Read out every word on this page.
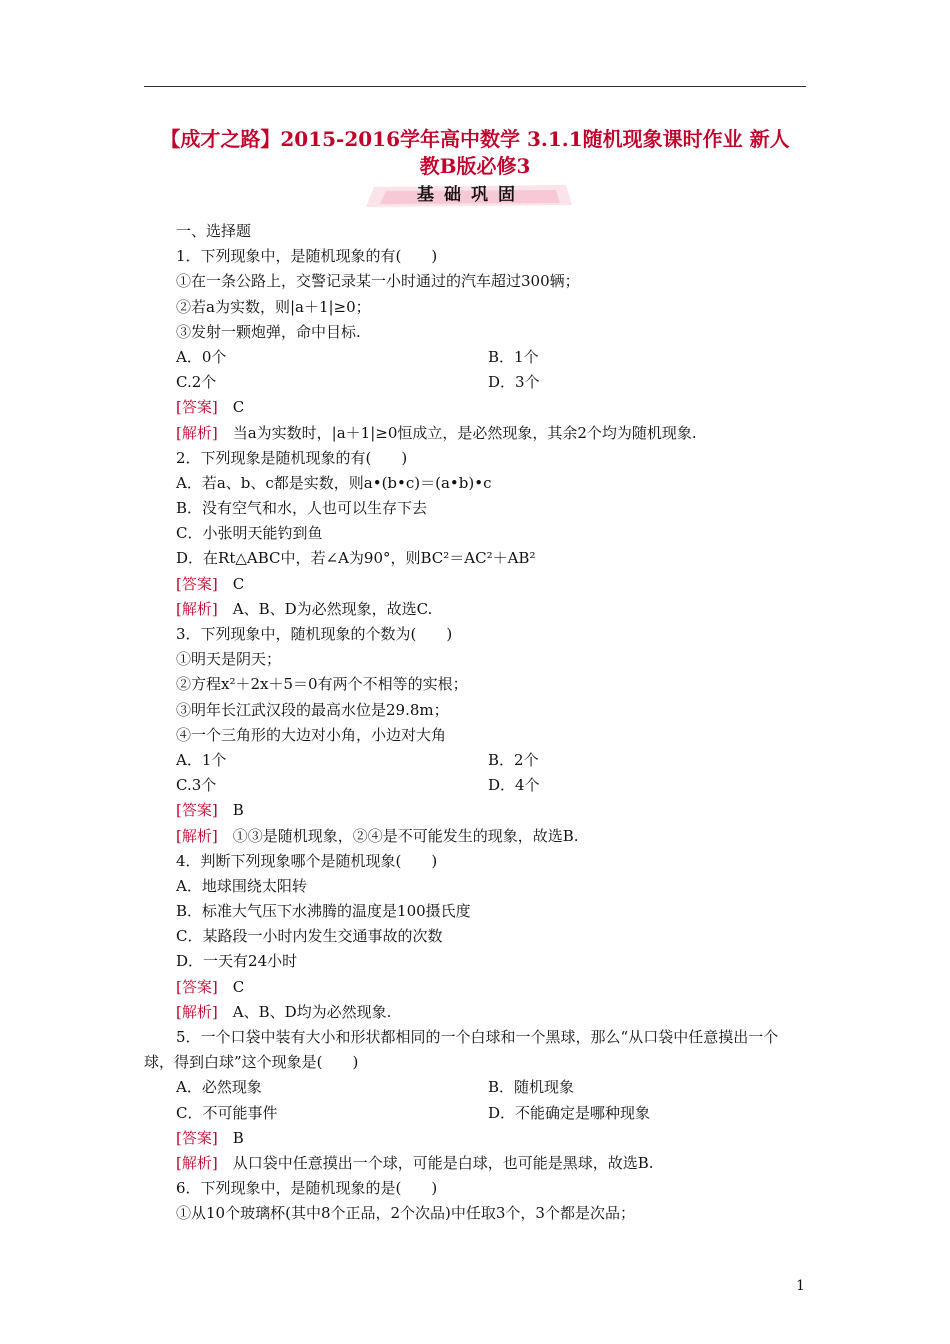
【成才之路】2015-2016学年高中数学 3.1.1随机现象课时作业 新人
教B版必修3
基础巩固
一、选择题
1．下列现象中，是随机现象的有(　　)
①在一条公路上，交警记录某一小时通过的汽车超过300辆；
②若a为实数，则|a＋1|≥0；
③发射一颗炮弹，命中目标.
A．0个	B．1个
C.2个	D．3个
[答案]　 C
[解析]　 当a为实数时，|a＋1|≥0恒成立，是必然现象，其余2个均为随机现象.
2．下列现象是随机现象的有(　　)
A．若a、b、c都是实数，则a•(b•c)＝(a•b)•c
B．没有空气和水，人也可以生存下去
C．小张明天能钓到鱼
D．在Rt△ABC中，若∠A为90°，则BC²＝AC²＋AB²
[答案]　 C
[解析]　 A、B、D为必然现象，故选C.
3．下列现象中，随机现象的个数为(　　)
①明天是阴天；
②方程x²＋2x＋5＝0有两个不相等的实根；
③明年长江武汉段的最高水位是29.8m；
④一个三角形的大边对小角，小边对大角
A．1个	B．2个
C.3个	D．4个
[答案]　 B
[解析]　 ①③是随机现象，②④是不可能发生的现象，故选B.
4．判断下列现象哪个是随机现象(　　)
A．地球围绕太阳转
B．标准大气压下水沸腾的温度是100摄氏度
C．某路段一小时内发生交通事故的次数
D．一天有24小时
[答案]　 C
[解析]　 A、B、D均为必然现象.
5．一个口袋中装有大小和形状都相同的一个白球和一个黑球，那么“从口袋中任意摸出一个球，得到白球”这个现象是(　　)
A．必然现象	B．随机现象
C．不可能事件	D．不能确定是哪种现象
[答案]　 B
[解析]　 从口袋中任意摸出一个球，可能是白球，也可能是黑球，故选B.
6．下列现象中，是随机现象的是(　　)
①从10个玻璃杯(其中8个正品，2个次品)中任取3个，3个都是次品；
1
